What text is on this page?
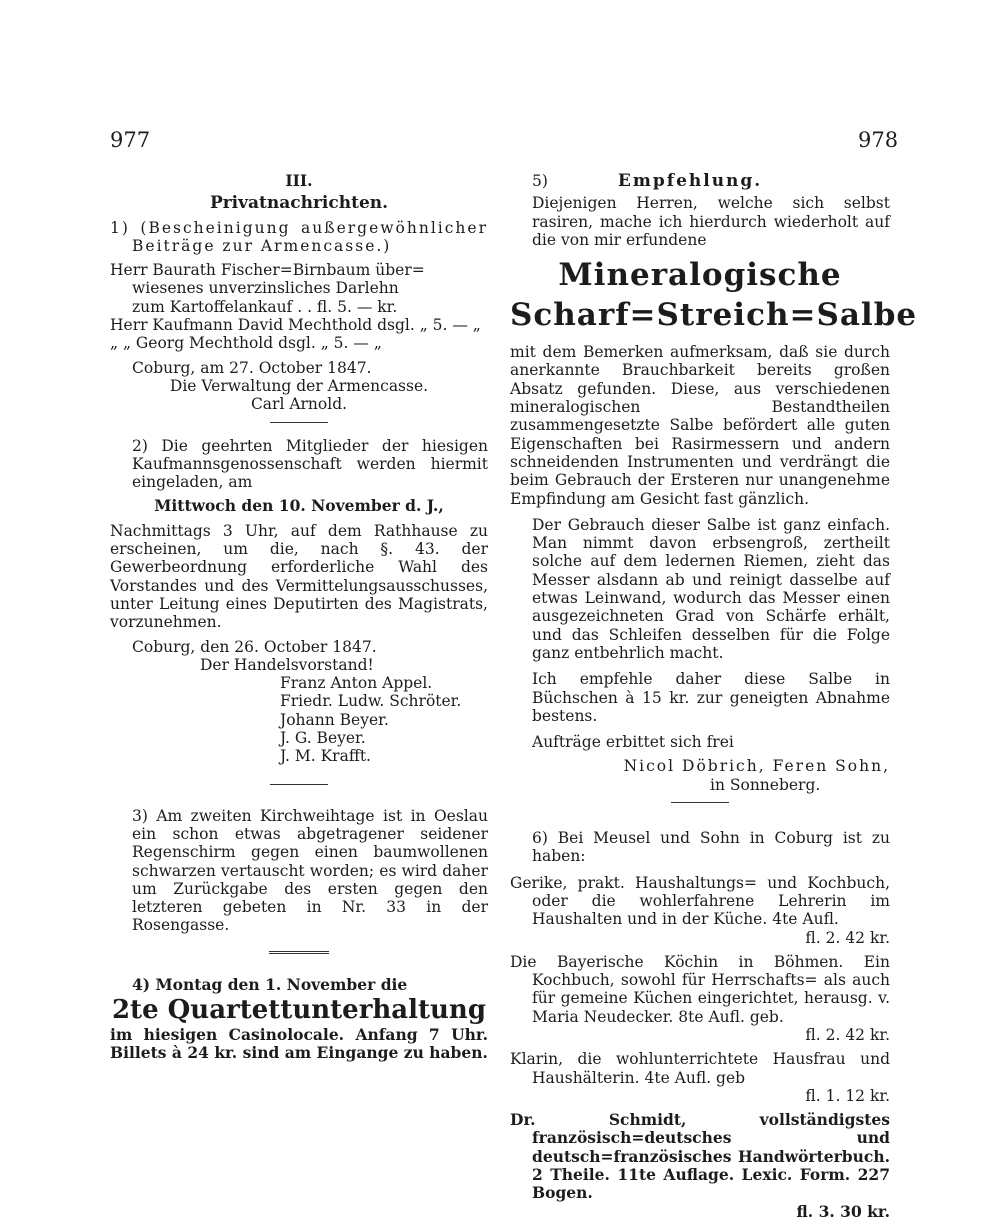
977	978

III.

Privatnachrichten.

1) (Bescheinigung außergewöhnlicher Beiträge zur Armencasse.)

Herr Baurath Fischer=Birnbaum über=

wiesenes unverzinsliches Darlehn

zum Kartoffelankauf . . fl. 5. — kr.

Herr Kaufmann David Mechthold dsgl. „ 5. — „

„ „ Georg Mechthold dsgl. „ 5. — „

Coburg, am 27. October 1847.

Die Verwaltung der Armencasse.

Carl Arnold.

2) Die geehrten Mitglieder der hiesigen Kaufmannsgenossenschaft werden hiermit eingeladen, am

Mittwoch den 10. November d. J.,

Nachmittags 3 Uhr, auf dem Rathhause zu erscheinen, um die, nach §. 43. der Gewerbeordnung erforderliche Wahl des Vorstandes und des Vermittelungsausschusses, unter Leitung eines Deputirten des Magistrats, vorzunehmen.

Coburg, den 26. October 1847.

Der Handelsvorstand!

Franz Anton Appel.

Friedr. Ludw. Schröter.

Johann Beyer.

J. G. Beyer.

J. M. Krafft.

3) Am zweiten Kirchweihtage ist in Oeslau ein schon etwas abgetragener seidener Regenschirm gegen einen baumwollenen schwarzen vertauscht worden; es wird daher um Zurückgabe des ersten gegen den letzteren gebeten in Nr. 33 in der Rosengasse.

4) Montag den 1. November die

2te Quartettunterhaltung

im hiesigen Casinolocale. Anfang 7 Uhr. Billets à 24 kr. sind am Eingange zu haben.

5)	Empfehlung.

Diejenigen Herren, welche sich selbst rasiren, mache ich hierdurch wiederholt auf die von mir erfundene

Mineralogische

Scharf=Streich=Salbe

mit dem Bemerken aufmerksam, daß sie durch anerkannte Brauchbarkeit bereits großen Absatz gefunden. Diese, aus verschiedenen mineralogischen Bestandtheilen zusammengesetzte Salbe befördert alle guten Eigenschaften bei Rasirmessern und andern schneidenden Instrumenten und verdrängt die beim Gebrauch der Ersteren nur unangenehme Empfindung am Gesicht fast gänzlich.

Der Gebrauch dieser Salbe ist ganz einfach. Man nimmt davon erbsengroß, zertheilt solche auf dem ledernen Riemen, zieht das Messer alsdann ab und reinigt dasselbe auf etwas Leinwand, wodurch das Messer einen ausgezeichneten Grad von Schärfe erhält, und das Schleifen desselben für die Folge ganz entbehrlich macht.

Ich empfehle daher diese Salbe in Büchschen à 15 kr. zur geneigten Abnahme bestens.

Aufträge erbittet sich frei

Nicol Döbrich, Feren Sohn,

in Sonneberg.

6) Bei Meusel und Sohn in Coburg ist zu haben:

Gerike, prakt. Haushaltungs= und Kochbuch, oder die wohlerfahrene Lehrerin im Haushalten und in der Küche. 4te Aufl.

fl. 2. 42 kr.

Die Bayerische Köchin in Böhmen. Ein Kochbuch, sowohl für Herrschafts= als auch für gemeine Küchen eingerichtet, herausg. v. Maria Neudecker. 8te Aufl. geb.

fl. 2. 42 kr.

Klarin, die wohlunterrichtete Hausfrau und Haushälterin. 4te Aufl. geb

fl. 1. 12 kr.

Dr. Schmidt, vollständigstes französisch=deutsches und deutsch=französisches Handwörterbuch. 2 Theile. 11te Auflage. Lexic. Form. 227 Bogen.

fl. 3. 30 kr.
